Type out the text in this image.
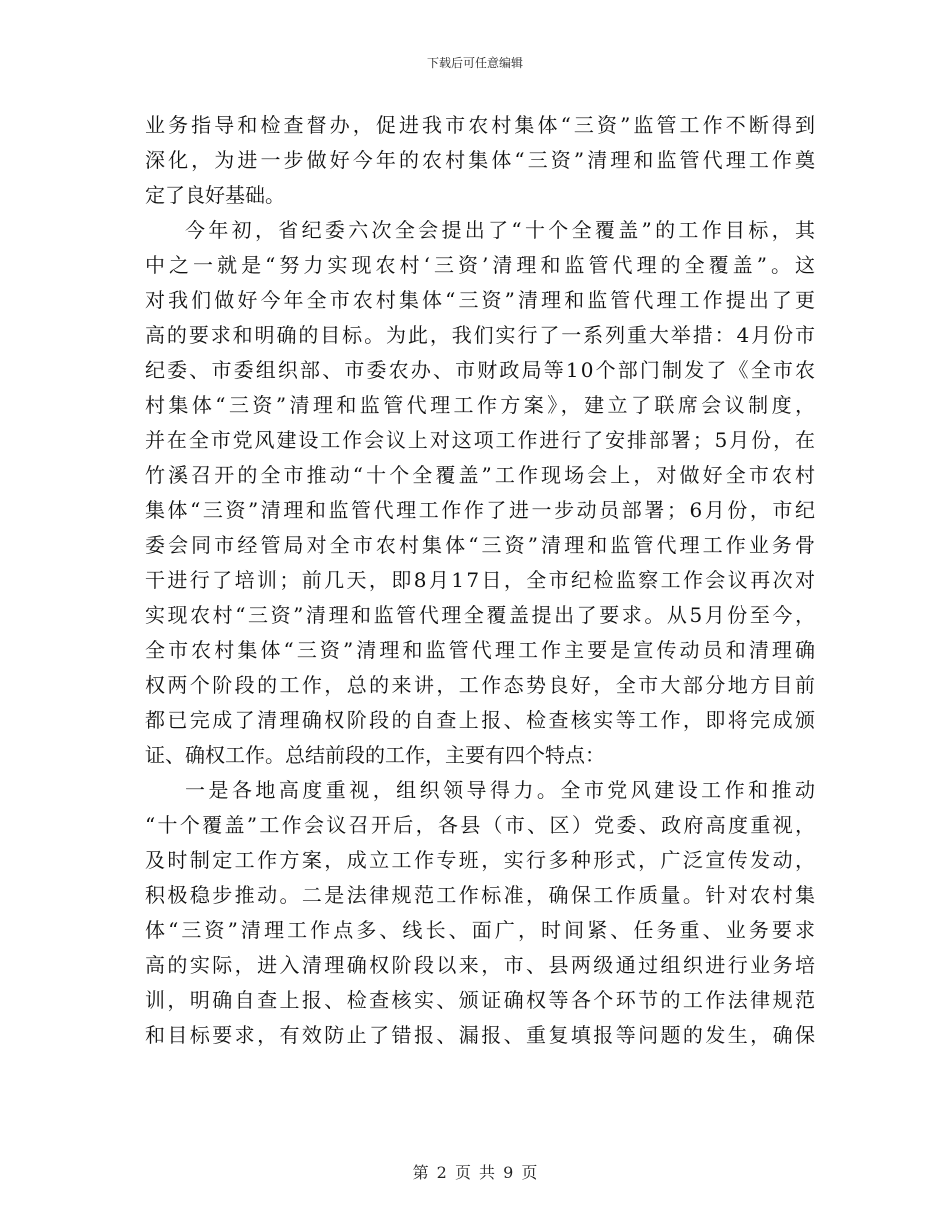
下载后可任意编辑
业务指导和检查督办，促进我市农村集体“三资”监管工作不断得到
深化，为进一步做好今年的农村集体“三资”清理和监管代理工作奠
定了良好基础。
今年初，省纪委六次全会提出了“十个全覆盖”的工作目标，其
中之一就是“努力实现农村‘三资’清理和监管代理的全覆盖”。这
对我们做好今年全市农村集体“三资”清理和监管代理工作提出了更
高的要求和明确的目标。为此，我们实行了一系列重大举措：4月份市
纪委、市委组织部、市委农办、市财政局等10个部门制发了《全市农
村集体“三资”清理和监管代理工作方案》，建立了联席会议制度，
并在全市党风建设工作会议上对这项工作进行了安排部署；5月份，在
竹溪召开的全市推动“十个全覆盖”工作现场会上，对做好全市农村
集体“三资”清理和监管代理工作作了进一步动员部署；6月份，市纪
委会同市经管局对全市农村集体“三资”清理和监管代理工作业务骨
干进行了培训；前几天，即8月17日，全市纪检监察工作会议再次对
实现农村“三资”清理和监管代理全覆盖提出了要求。从5月份至今，
全市农村集体“三资”清理和监管代理工作主要是宣传动员和清理确
权两个阶段的工作，总的来讲，工作态势良好，全市大部分地方目前
都已完成了清理确权阶段的自查上报、检查核实等工作，即将完成颁
证、确权工作。总结前段的工作，主要有四个特点：
一是各地高度重视，组织领导得力。全市党风建设工作和推动
“十个覆盖”工作会议召开后，各县（市、区）党委、政府高度重视，
及时制定工作方案，成立工作专班，实行多种形式，广泛宣传发动，
积极稳步推动。二是法律规范工作标准，确保工作质量。针对农村集
体“三资”清理工作点多、线长、面广，时间紧、任务重、业务要求
高的实际，进入清理确权阶段以来，市、县两级通过组织进行业务培
训，明确自查上报、检查核实、颁证确权等各个环节的工作法律规范
和目标要求，有效防止了错报、漏报、重复填报等问题的发生，确保
第 2 页 共 9 页
